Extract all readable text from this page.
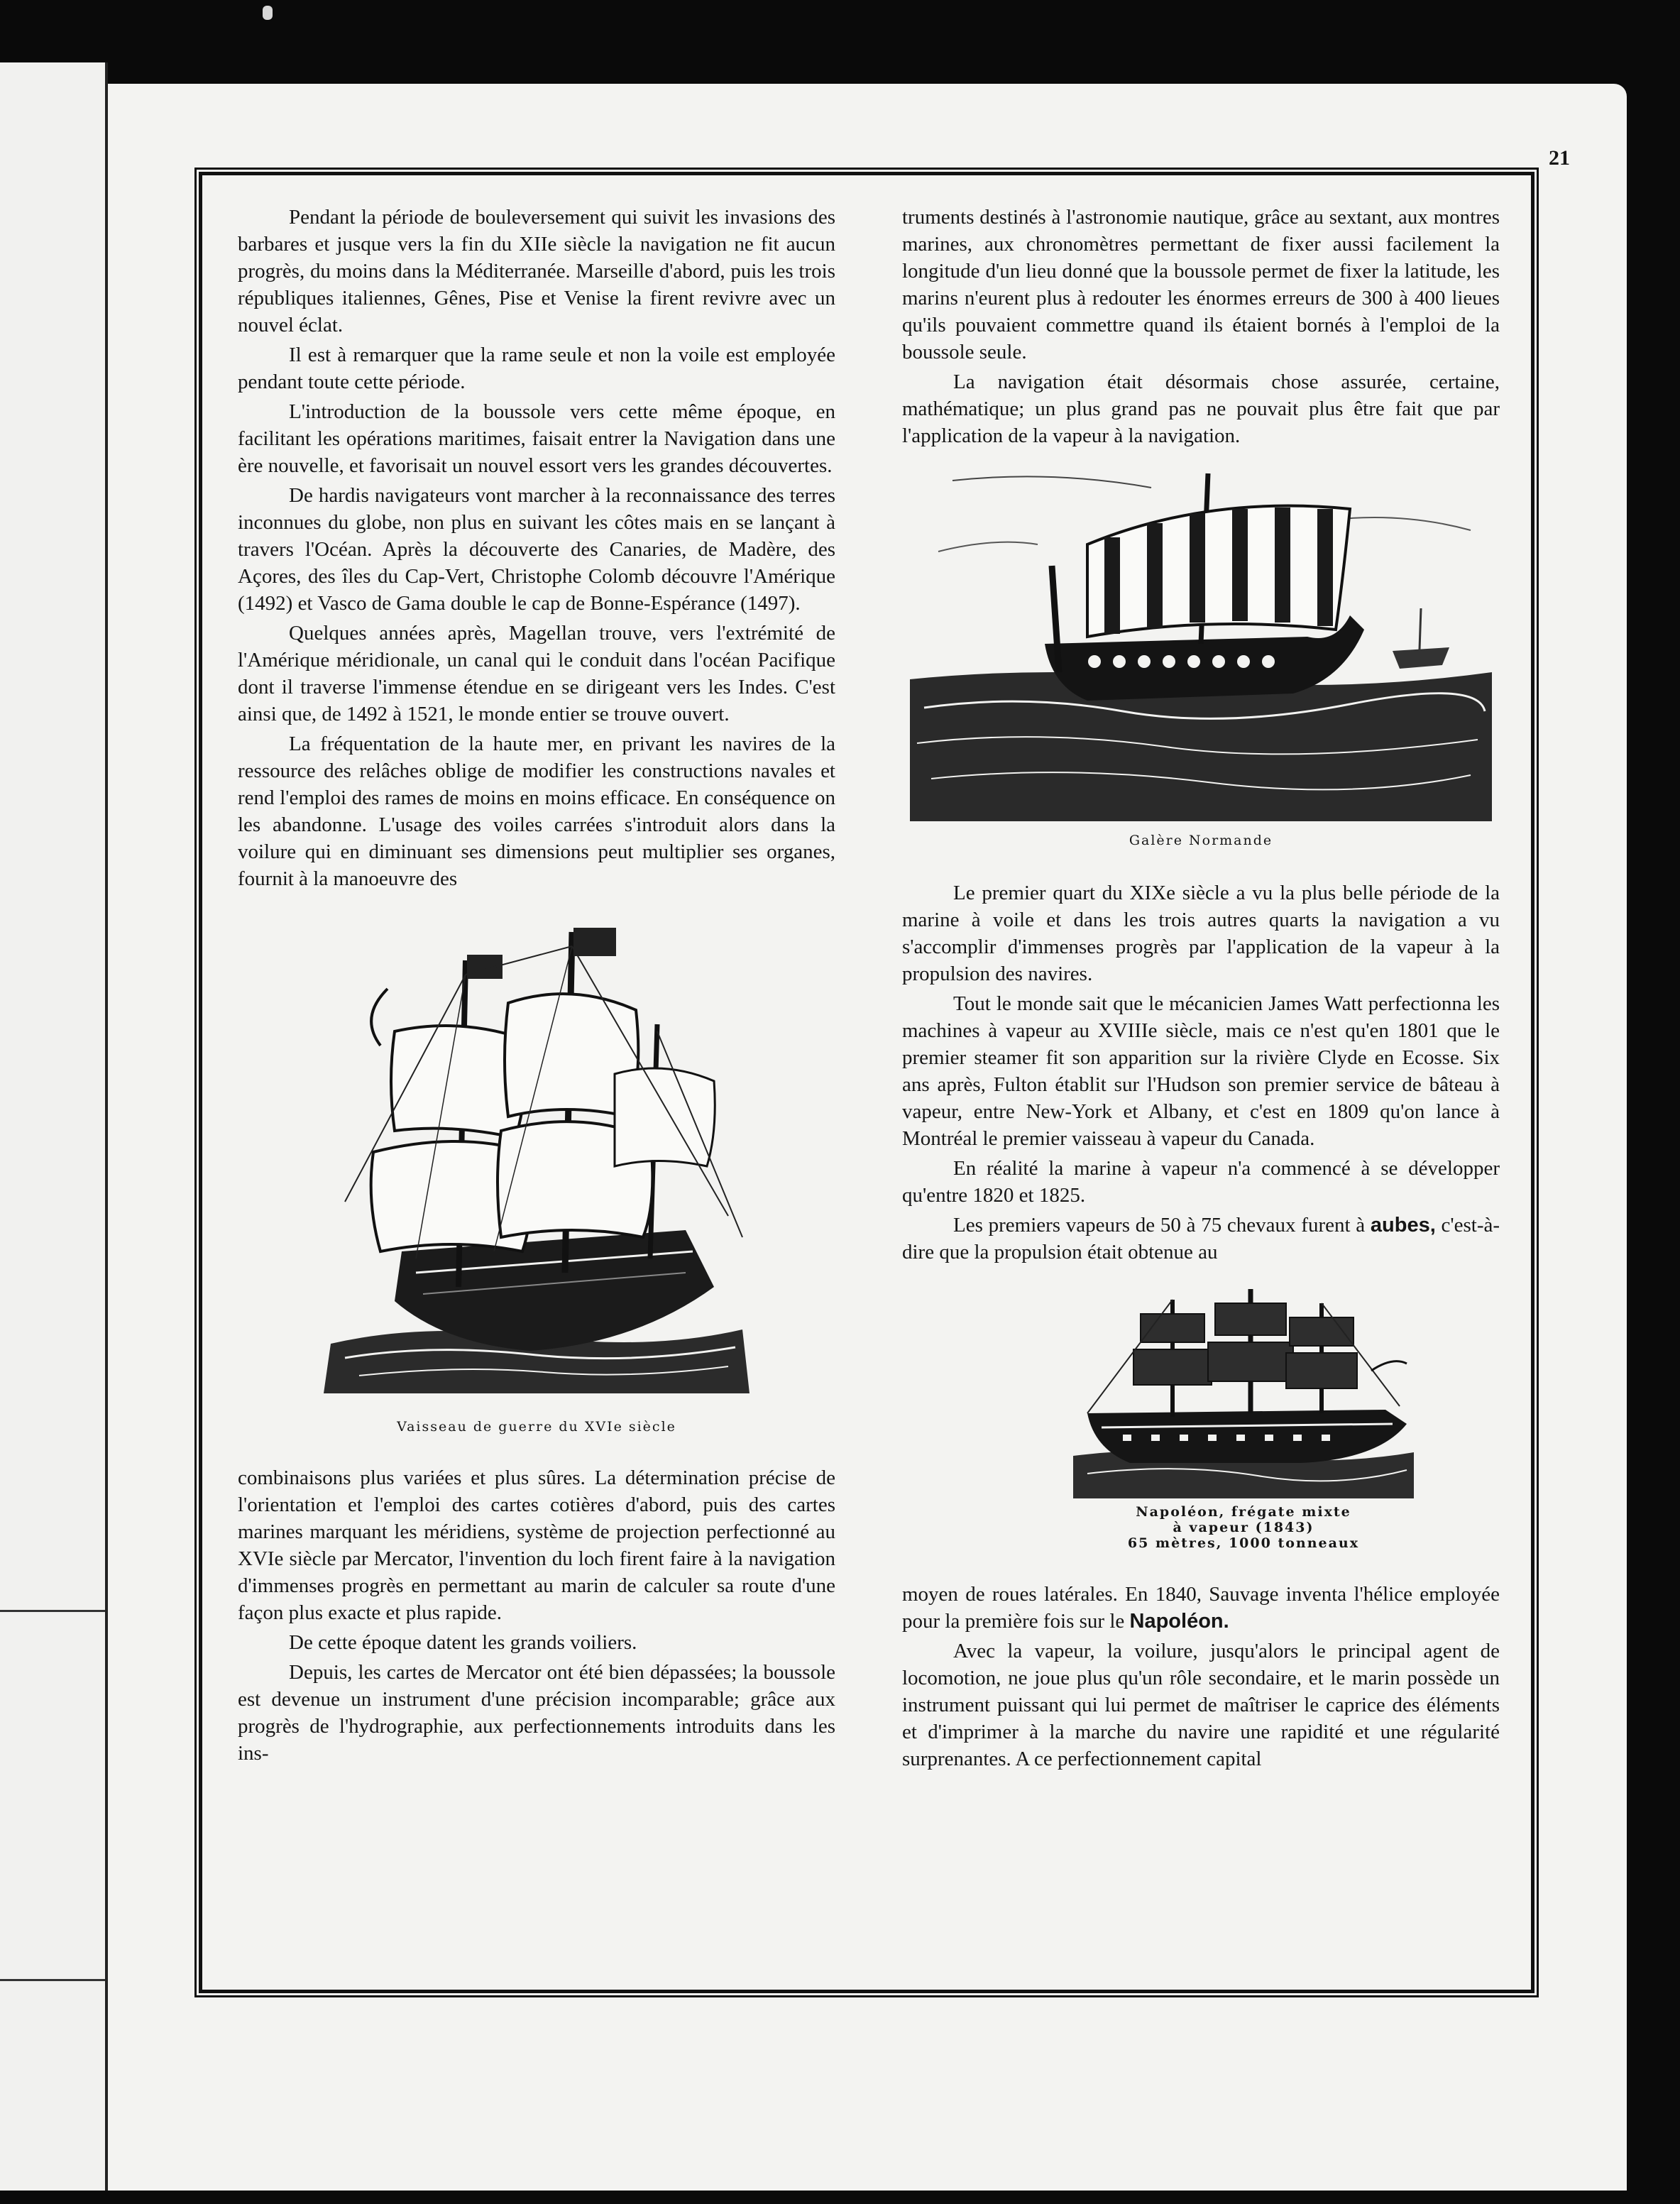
21

Pendant la période de bouleversement qui suivit les invasions des barbares et jusque vers la fin du XIIe siècle la navigation ne fit aucun progrès, du moins dans la Méditerranée. Marseille d'abord, puis les trois républiques italiennes, Gênes, Pise et Venise la firent revivre avec un nouvel éclat.

Il est à remarquer que la rame seule et non la voile est employée pendant toute cette période.

L'introduction de la boussole vers cette même époque, en facilitant les opérations maritimes, faisait entrer la Navigation dans une ère nouvelle, et favorisait un nouvel essort vers les grandes découvertes.

De hardis navigateurs vont marcher à la reconnaissance des terres inconnues du globe, non plus en suivant les côtes mais en se lançant à travers l'Océan. Après la découverte des Canaries, de Madère, des Açores, des îles du Cap-Vert, Christophe Colomb découvre l'Amérique (1492) et Vasco de Gama double le cap de Bonne-Espérance (1497).

Quelques années après, Magellan trouve, vers l'extrémité de l'Amérique méridionale, un canal qui le conduit dans l'océan Pacifique dont il traverse l'immense étendue en se dirigeant vers les Indes. C'est ainsi que, de 1492 à 1521, le monde entier se trouve ouvert.

La fréquentation de la haute mer, en privant les navires de la ressource des relâches oblige de modifier les constructions navales et rend l'emploi des rames de moins en moins efficace. En conséquence on les abandonne. L'usage des voiles carrées s'introduit alors dans la voilure qui en diminuant ses dimensions peut multiplier ses organes, fournit à la manoeuvre des

Vaisseau de guerre du XVIe siècle

combinaisons plus variées et plus sûres. La détermination précise de l'orientation et l'emploi des cartes cotières d'abord, puis des cartes marines marquant les méridiens, système de projection perfectionné au XVIe siècle par Mercator, l'invention du loch firent faire à la navigation d'immenses progrès en permettant au marin de calculer sa route d'une façon plus exacte et plus rapide.

De cette époque datent les grands voiliers.

Depuis, les cartes de Mercator ont été bien dépassées; la boussole est devenue un instrument d'une précision incomparable; grâce aux progrès de l'hydrographie, aux perfectionnements introduits dans les ins-

truments destinés à l'astronomie nautique, grâce au sextant, aux montres marines, aux chronomètres permettant de fixer aussi facilement la longitude d'un lieu donné que la boussole permet de fixer la latitude, les marins n'eurent plus à redouter les énormes erreurs de 300 à 400 lieues qu'ils pouvaient commettre quand ils étaient bornés à l'emploi de la boussole seule.

La navigation était désormais chose assurée, certaine, mathématique; un plus grand pas ne pouvait plus être fait que par l'application de la vapeur à la navigation.

Galère Normande

Le premier quart du XIXe siècle a vu la plus belle période de la marine à voile et dans les trois autres quarts la navigation a vu s'accomplir d'immenses progrès par l'application de la vapeur à la propulsion des navires.

Tout le monde sait que le mécanicien James Watt perfectionna les machines à vapeur au XVIIIe siècle, mais ce n'est qu'en 1801 que le premier steamer fit son apparition sur la rivière Clyde en Ecosse. Six ans après, Fulton établit sur l'Hudson son premier service de bâteau à vapeur, entre New-York et Albany, et c'est en 1809 qu'on lance à Montréal le premier vaisseau à vapeur du Canada.

En réalité la marine à vapeur n'a commencé à se développer qu'entre 1820 et 1825.

Les premiers vapeurs de 50 à 75 chevaux furent à aubes, c'est-à-dire que la propulsion était obtenue au

Napoléon, frégate mixte
à vapeur (1843)
65 mètres, 1000 tonneaux

moyen de roues latérales. En 1840, Sauvage inventa l'hélice employée pour la première fois sur le Napoléon.

Avec la vapeur, la voilure, jusqu'alors le principal agent de locomotion, ne joue plus qu'un rôle secondaire, et le marin possède un instrument puissant qui lui permet de maîtriser le caprice des éléments et d'imprimer à la marche du navire une rapidité et une régularité surprenantes. A ce perfectionnement capital
